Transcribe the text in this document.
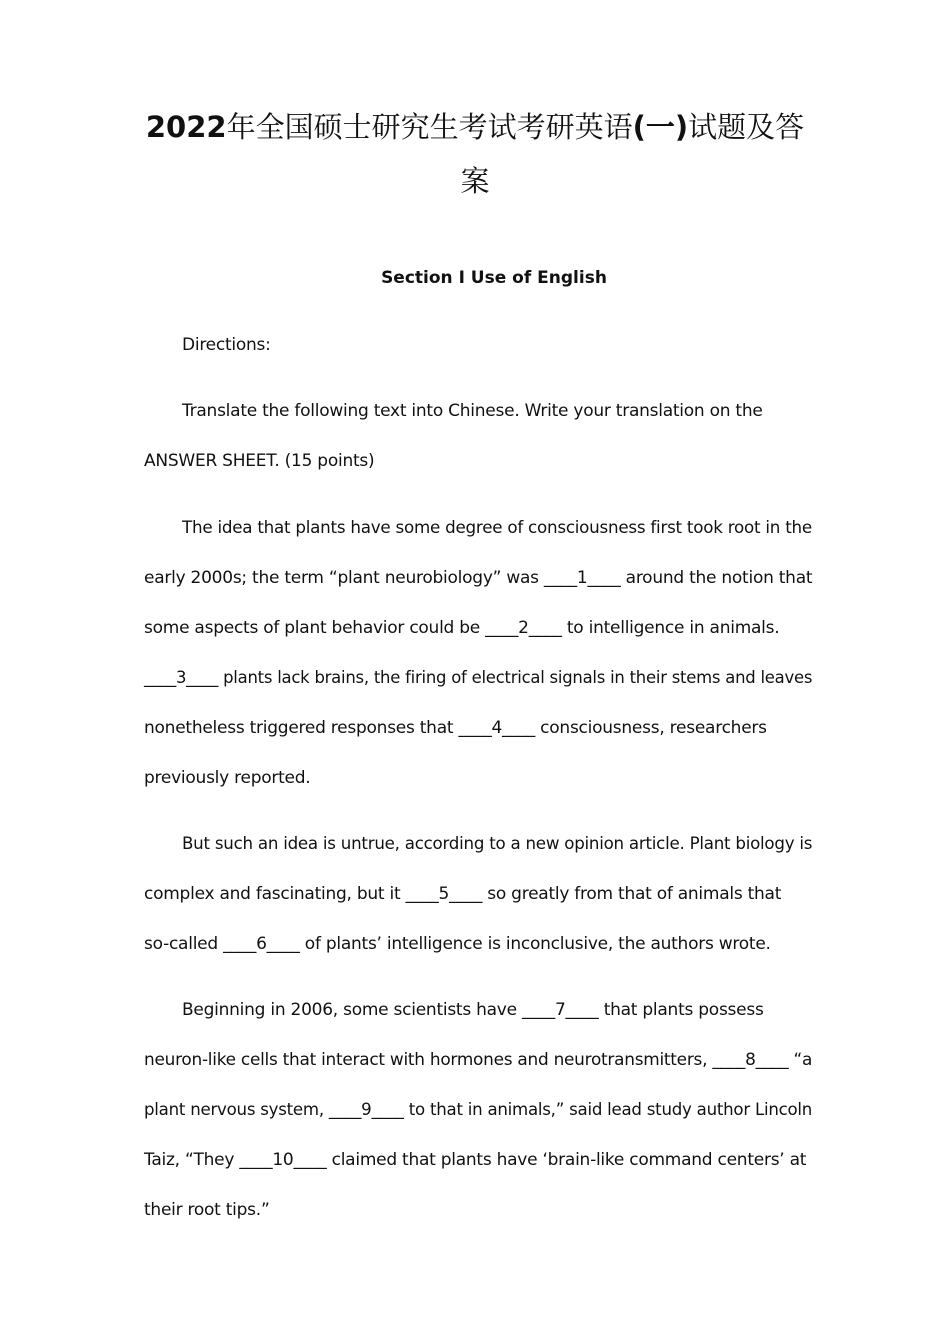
2022年全国硕士研究生考试考研英语(一)试题及答
案
Section I Use of English
Directions:
Translate the following text into Chinese. Write your translation on the
ANSWER SHEET. (15 points)
The idea that plants have some degree of consciousness first took root in the
early 2000s; the term “plant neurobiology” was ____1____ around the notion that
some aspects of plant behavior could be ____2____ to intelligence in animals.
____3____ plants lack brains, the firing of electrical signals in their stems and leaves
nonetheless triggered responses that ____4____ consciousness, researchers
previously reported.
But such an idea is untrue, according to a new opinion article. Plant biology is
complex and fascinating, but it ____5____ so greatly from that of animals that
so-called ____6____ of plants’ intelligence is inconclusive, the authors wrote.
Beginning in 2006, some scientists have ____7____ that plants possess
neuron-like cells that interact with hormones and neurotransmitters, ____8____ “a
plant nervous system, ____9____ to that in animals,” said lead study author Lincoln
Taiz, “They ____10____ claimed that plants have ‘brain-like command centers’ at
their root tips.”
